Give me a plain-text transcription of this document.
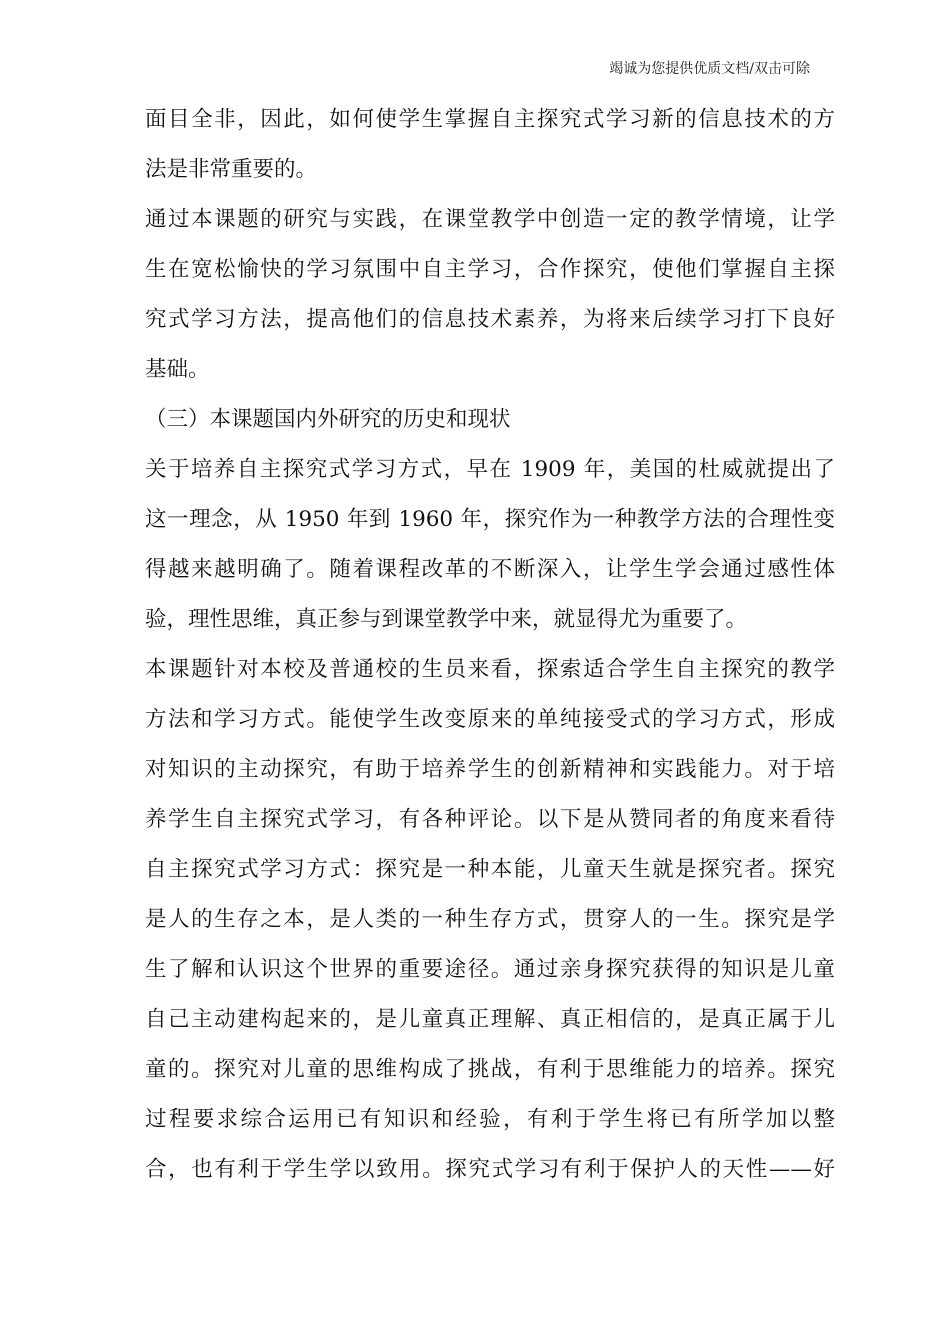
竭诚为您提供优质文档/双击可除
面目全非，因此，如何使学生掌握自主探究式学习新的信息技术的方
法是非常重要的。
通过本课题的研究与实践，在课堂教学中创造一定的教学情境，让学
生在宽松愉快的学习氛围中自主学习，合作探究，使他们掌握自主探
究式学习方法，提高他们的信息技术素养，为将来后续学习打下良好
基础。
（三）本课题国内外研究的历史和现状
关于培养自主探究式学习方式，早在 1909 年，美国的杜威就提出了
这一理念，从 1950 年到 1960 年，探究作为一种教学方法的合理性变
得越来越明确了。随着课程改革的不断深入，让学生学会通过感性体
验，理性思维，真正参与到课堂教学中来，就显得尤为重要了。
本课题针对本校及普通校的生员来看，探索适合学生自主探究的教学
方法和学习方式。能使学生改变原来的单纯接受式的学习方式，形成
对知识的主动探究，有助于培养学生的创新精神和实践能力。对于培
养学生自主探究式学习，有各种评论。以下是从赞同者的角度来看待
自主探究式学习方式：探究是一种本能，儿童天生就是探究者。探究
是人的生存之本，是人类的一种生存方式，贯穿人的一生。探究是学
生了解和认识这个世界的重要途径。通过亲身探究获得的知识是儿童
自己主动建构起来的，是儿童真正理解、真正相信的，是真正属于儿
童的。探究对儿童的思维构成了挑战，有利于思维能力的培养。探究
过程要求综合运用已有知识和经验，有利于学生将已有所学加以整
合，也有利于学生学以致用。探究式学习有利于保护人的天性——好
